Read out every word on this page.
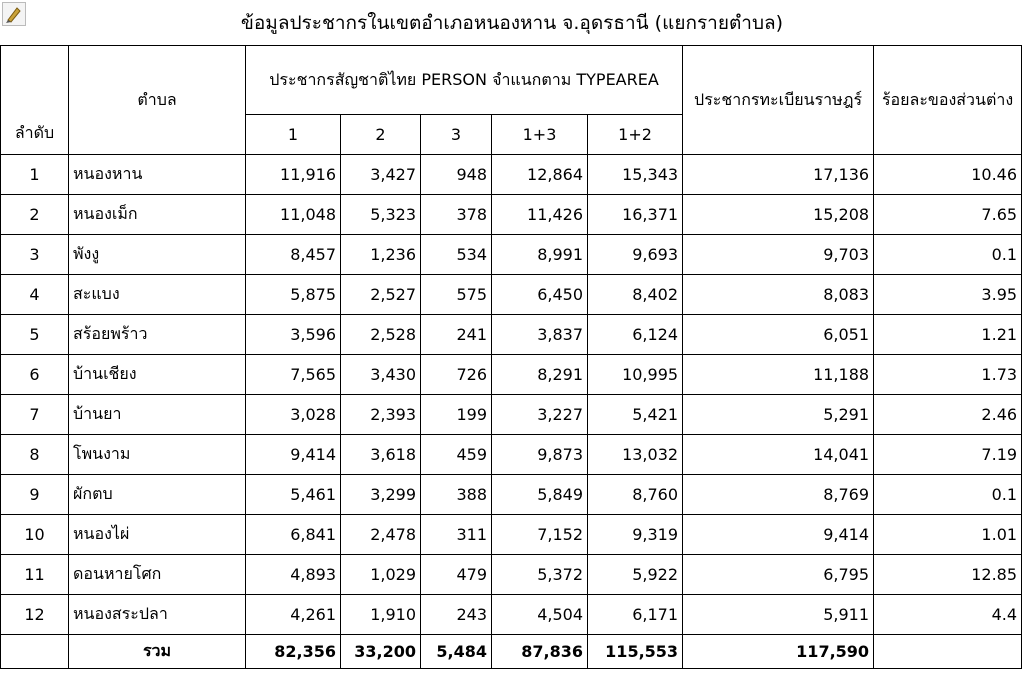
ข้อมูลประชากรในเขตอำเภอหนองหาน จ.อุดรธานี (แยกรายตำบล)
ลำดับ	ตำบล	ประชากรสัญชาติไทย PERSON จำแนกตาม TYPEAREA					ประชากรทะเบียนราษฎร์	ร้อยละของส่วนต่าง
		1	2	3	1+3	1+2		
1	หนองหาน	11,916	3,427	948	12,864	15,343	17,136	10.46
2	หนองเม็ก	11,048	5,323	378	11,426	16,371	15,208	7.65
3	พังงู	8,457	1,236	534	8,991	9,693	9,703	0.1
4	สะแบง	5,875	2,527	575	6,450	8,402	8,083	3.95
5	สร้อยพร้าว	3,596	2,528	241	3,837	6,124	6,051	1.21
6	บ้านเชียง	7,565	3,430	726	8,291	10,995	11,188	1.73
7	บ้านยา	3,028	2,393	199	3,227	5,421	5,291	2.46
8	โพนงาม	9,414	3,618	459	9,873	13,032	14,041	7.19
9	ผักตบ	5,461	3,299	388	5,849	8,760	8,769	0.1
10	หนองไผ่	6,841	2,478	311	7,152	9,319	9,414	1.01
11	ดอนหายโศก	4,893	1,029	479	5,372	5,922	6,795	12.85
12	หนองสระปลา	4,261	1,910	243	4,504	6,171	5,911	4.4
	รวม	82,356	33,200	5,484	87,836	115,553	117,590	
